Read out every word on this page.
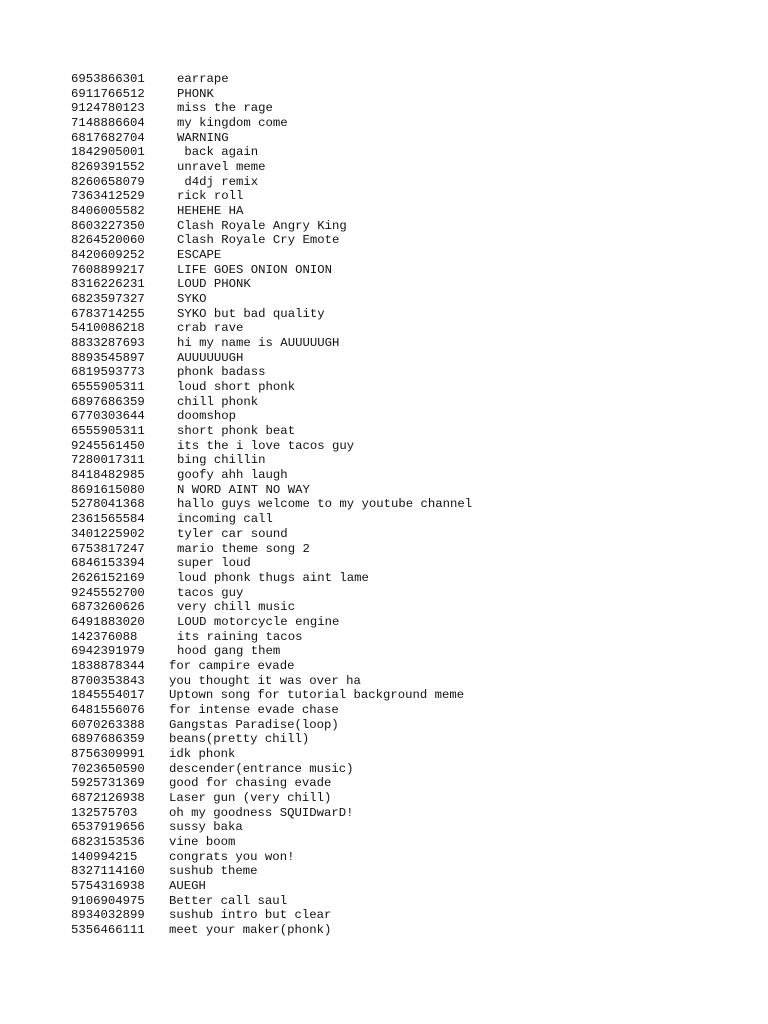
6953866301	earrape
6911766512	PHONK
9124780123	miss the rage
7148886604	my kingdom come
6817682704	WARNING
1842905001	back again
8269391552	unravel meme
8260658079	d4dj remix
7363412529	rick roll
8406005582	HEHEHE HA
8603227350	Clash Royale Angry King
8264520060	Clash Royale Cry Emote
8420609252	ESCAPE
7608899217	LIFE GOES ONION ONION
8316226231	LOUD PHONK
6823597327	SYKO
6783714255	SYKO but bad quality
5410086218	crab rave
8833287693	hi my name is AUUUUUGH
8893545897	AUUUUUUGH
6819593773	phonk badass
6555905311	loud short phonk
6897686359	chill phonk
6770303644	doomshop
6555905311	short phonk beat
9245561450	its the i love tacos guy
7280017311	bing chillin
8418482985	goofy ahh laugh
8691615080	N WORD AINT NO WAY
5278041368	hallo guys welcome to my youtube channel
2361565584	incoming call
3401225902	tyler car sound
6753817247	mario theme song 2
6846153394	super loud
2626152169	loud phonk thugs aint lame
9245552700	tacos guy
6873260626	very chill music
6491883020	LOUD motorcycle engine
142376088	its raining tacos
6942391979	hood gang them
1838878344 for campire evade
8700353843 you thought it was over ha
1845554017 Uptown song for tutorial background meme
6481556076 for intense evade chase
6070263388 Gangstas Paradise(loop)
6897686359 beans(pretty chill)
8756309991 idk phonk
7023650590 descender(entrance music)
5925731369 good for chasing evade
6872126938 Laser gun (very chill)
132575703	oh my goodness SQUIDwarD!
6537919656 sussy baka
6823153536 vine boom
140994215	congrats you won!
8327114160 sushub theme
5754316938 AUEGH
9106904975 Better call saul
8934032899 sushub intro but clear
5356466111 meet your maker(phonk)
